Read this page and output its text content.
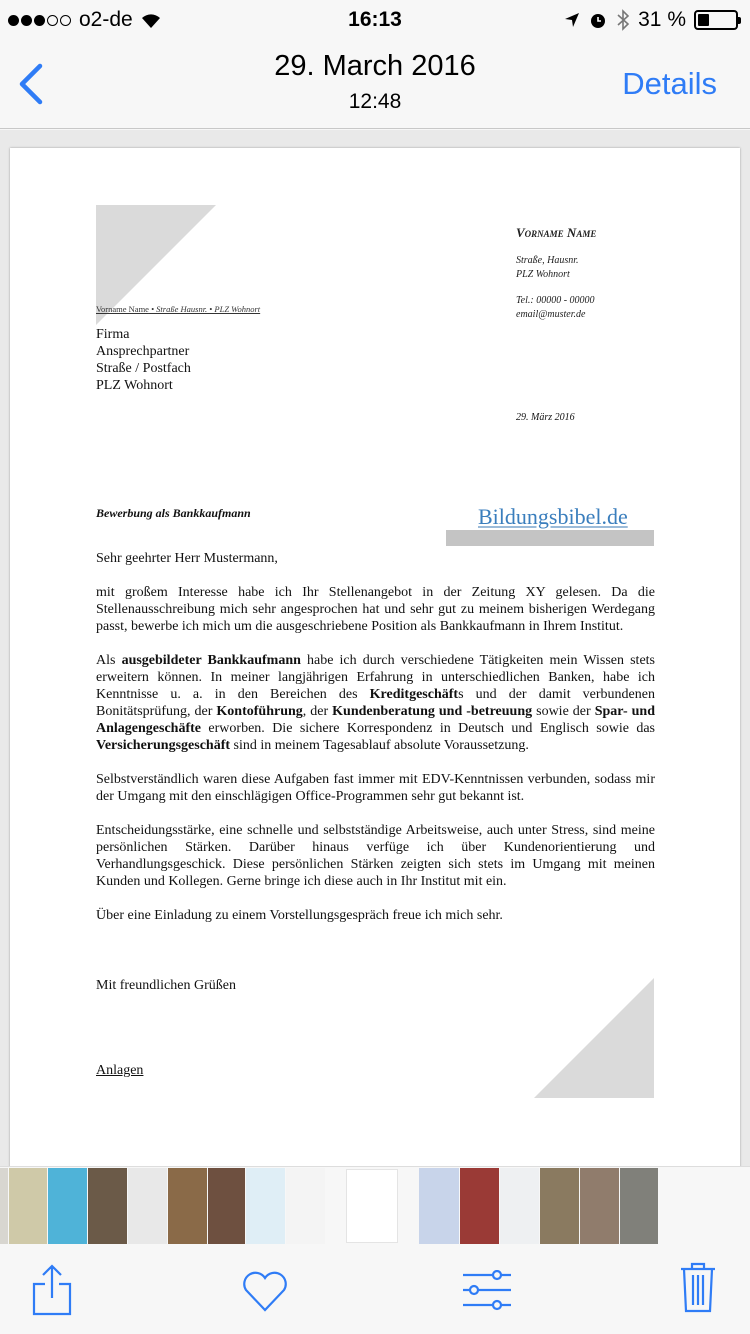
o2-de	16:13	31 %
29. March 2016
12:48
Details
Vorname Name • Straße Hausnr. • PLZ Wohnort
Firma
Ansprechpartner
Straße / Postfach
PLZ Wohnort
Vorname Name
Straße, Hausnr.
PLZ Wohnort
Tel.: 00000 - 00000
email@muster.de
29. März 2016
Bewerbung als Bankkaufmann	Bildungsbibel.de

Sehr geehrter Herr Mustermann,

mit großem Interesse habe ich Ihr Stellenangebot in der Zeitung XY gelesen. Da die Stellenausschreibung mich sehr angesprochen hat und sehr gut zu meinem bisherigen Werdegang passt, bewerbe ich mich um die ausgeschriebene Position als Bankkaufmann in Ihrem Institut.

Als ausgebildeter Bankkaufmann habe ich durch verschiedene Tätigkeiten mein Wissen stets erweitern können. In meiner langjährigen Erfahrung in unterschiedlichen Banken, habe ich Kenntnisse u. a. in den Bereichen des Kreditgeschäfts und der damit verbundenen Bonitätsprüfung, der Kontoführung, der Kundenberatung und -betreuung sowie der Spar- und Anlagengeschäfte erworben. Die sichere Korrespondenz in Deutsch und Englisch sowie das Versicherungsgeschäft sind in meinem Tagesablauf absolute Voraussetzung.

Selbstverständlich waren diese Aufgaben fast immer mit EDV-Kenntnissen verbunden, sodass mir der Umgang mit den einschlägigen Office-Programmen sehr gut bekannt ist.

Entscheidungsstärke, eine schnelle und selbstständige Arbeitsweise, auch unter Stress, sind meine persönlichen Stärken. Darüber hinaus verfüge ich über Kundenorientierung und Verhandlungsgeschick. Diese persönlichen Stärken zeigten sich stets im Umgang mit meinen Kunden und Kollegen. Gerne bringe ich diese auch in Ihr Institut mit ein.

Über eine Einladung zu einem Vorstellungsgespräch freue ich mich sehr.

Mit freundlichen Grüßen
Anlagen
